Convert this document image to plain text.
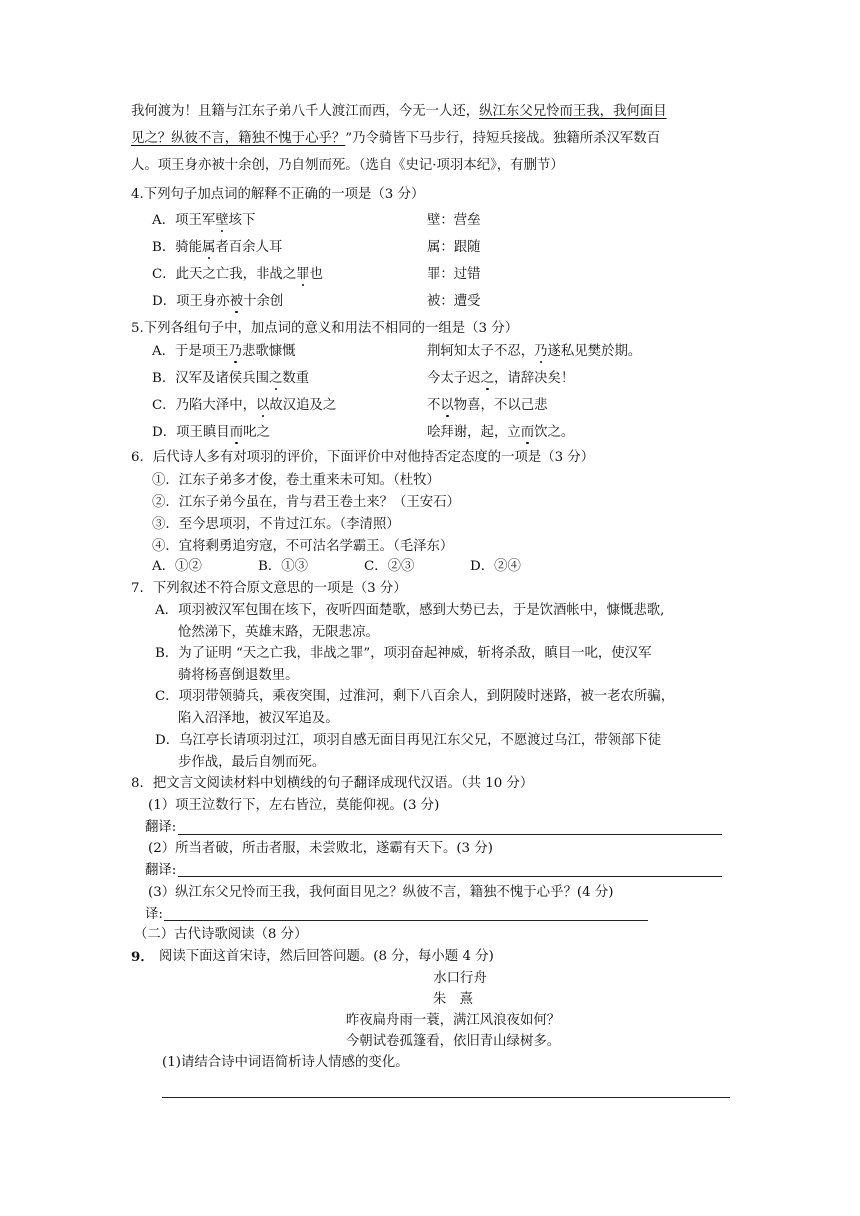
我何渡为！且籍与江东子弟八千人渡江而西，今无一人还，纵江东父兄怜而王我，我何面目
见之？纵彼不言，籍独不愧于心乎？”乃令骑皆下马步行，持短兵接战。独籍所杀汉军数百
人。项王身亦被十余创，乃自刎而死。（选自《史记·项羽本纪》，有删节）
4.下列句子加点词的解释不正确的一项是（3 分）
A．项王军壁垓下	壁：营垒
B．骑能属者百余人耳	属：跟随
C．此天之亡我，非战之罪也	罪：过错
D．项王身亦被十余创	被：遭受
5.下列各组句子中，加点词的意义和用法不相同的一组是（3 分）
A．于是项王乃悲歌慷慨	荆轲知太子不忍，乃遂私见樊於期。
B．汉军及诸侯兵围之数重	今太子迟之，请辞决矣！
C．乃陷大泽中，以故汉追及之	不以物喜，不以己悲
D．项王瞋目而叱之	哙拜谢，起，立而饮之。
6．后代诗人多有对项羽的评价，下面评价中对他持否定态度的一项是（3 分）
①．江东子弟多才俊，卷土重来未可知。（杜牧）
②．江东子弟今虽在，肯与君王卷土来？（王安石）
③．至今思项羽，不肯过江东。（李清照）
④．宜将剩勇追穷寇，不可沽名学霸王。（毛泽东）
A．①②	B．①③	C．②③	D．②④
7．下列叙述不符合原文意思的一项是（3 分）
A．项羽被汉军包围在垓下，夜听四面楚歌，感到大势已去，于是饮酒帐中，慷慨悲歌,
怆然涕下，英雄末路，无限悲凉。
B．为了证明 “天之亡我，非战之罪”，项羽奋起神威，斩将杀敌，瞋目一叱，使汉军
骑将杨喜倒退数里。
C．项羽带领骑兵，乘夜突围，过淮河，剩下八百余人，到阴陵时迷路，被一老农所骗，
陷入沼泽地，被汉军追及。
D．乌江亭长请项羽过江，项羽自感无面目再见江东父兄，不愿渡过乌江，带领部下徒
步作战，最后自刎而死。
8．把文言文阅读材料中划横线的句子翻译成现代汉语。（共 10 分）
(1）项王泣数行下，左右皆泣，莫能仰视。(3 分)
翻译:
(2）所当者破，所击者服，未尝败北，遂霸有天下。(3 分)
翻译:
(3）纵江东父兄怜而王我，我何面目见之？纵彼不言，籍独不愧于心乎？(4 分)
译:
（二）古代诗歌阅读（8 分）
9． 阅读下面这首宋诗，然后回答问题。(8 分，每小题 4 分)
水口行舟
朱　熹
昨夜扁舟雨一蓑，满江风浪夜如何？
今朝试卷孤篷看，依旧青山绿树多。
(1)请结合诗中词语简析诗人情感的变化。
